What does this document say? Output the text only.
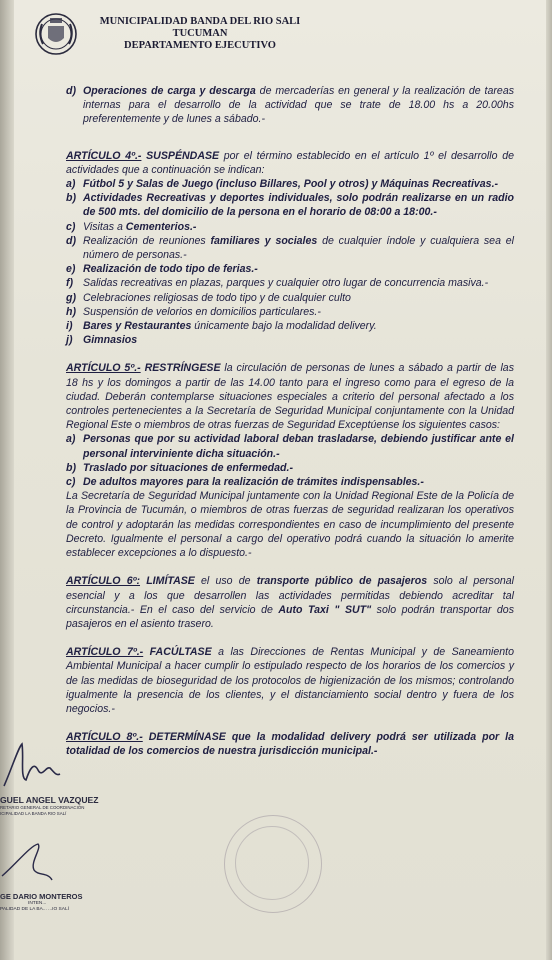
MUNICIPALIDAD BANDA DEL RIO SALI
TUCUMAN
DEPARTAMENTO EJECUTIVO
d) Operaciones de carga y descarga de mercaderías en general y la realización de tareas internas para el desarrollo de la actividad que se trate de 18.00 hs a 20.00hs preferentemente y de lunes a sábado.-

ARTÍCULO 4º.- SUSPÉNDASE por el término establecido en el artículo 1º el desarrollo de actividades que a continuación se indican:

a) Fútbol 5 y Salas de Juego (incluso Billares, Pool y otros) y Máquinas Recreativas.-
b) Actividades Recreativas y deportes individuales, solo podrán realizarse en un radio de 500 mts. del domicilio de la persona en el horario de 08:00 a 18:00.-
c) Visitas a Cementerios.-
d) Realización de reuniones familiares y sociales de cualquier índole y cualquiera sea el número de personas.-
e) Realización de todo tipo de ferias.-
f) Salidas recreativas en plazas, parques y cualquier otro lugar de concurrencia masiva.-
g) Celebraciones religiosas de todo tipo y de cualquier culto
h) Suspensión de velorios en domicilios particulares.-
i) Bares y Restaurantes únicamente bajo la modalidad delivery.
j) Gimnasios

ARTÍCULO 5º.- RESTRÍNGESE la circulación de personas de lunes a sábado a partir de las 18 hs y los domingos a partir de las 14.00 tanto para el ingreso como para el egreso de la ciudad. Deberán contemplarse situaciones especiales a criterio del personal afectado a los controles pertenecientes a la Secretaría de Seguridad Municipal conjuntamente con la Unidad Regional Este o miembros de otras fuerzas de Seguridad Exceptúense los siguientes casos:

a) Personas que por su actividad laboral deban trasladarse, debiendo justificar ante el personal interviniente dicha situación.-
b) Traslado por situaciones de enfermedad.-
c) De adultos mayores para la realización de trámites indispensables.-

La Secretaría de Seguridad Municipal juntamente con la Unidad Regional Este de la Policía de la Provincia de Tucumán, o miembros de otras fuerzas de seguridad realizaran los operativos de control y adoptarán las medidas correspondientes en caso de incumplimiento del presente Decreto. Igualmente el personal a cargo del operativo podrá cuando la situación lo amerite establecer excepciones a lo dispuesto.-

ARTÍCULO 6º: LIMÍTASE el uso de transporte público de pasajeros solo al personal esencial y a los que desarrollen las actividades permitidas debiendo acreditar tal circunstancia.- En el caso del servicio de Auto Taxi " SUT" solo podrán transportar dos pasajeros en el asiento trasero.

ARTÍCULO 7º.- FACÚLTASE a las Direcciones de Rentas Municipal y de Saneamiento Ambiental Municipal a hacer cumplir lo estipulado respecto de los horarios de los comercios y de las medidas de bioseguridad de los protocolos de higienización de los mismos; controlando igualmente la presencia de los clientes, y el distanciamiento social dentro y fuera de los negocios.-

ARTÍCULO 8º.- DETERMÍNASE que la modalidad delivery podrá ser utilizada por la totalidad de los comercios de nuestra jurisdicción municipal.-

GUEL ANGEL VAZQUEZ
RETARIO GENERAL DE COORDINACIÓN
ICIPALIDAD LA BANDA RIO SALÍ
GE DARIO MONTEROS
INTEN...
PALIDAD DE LA BA... ...IO SALÍ
